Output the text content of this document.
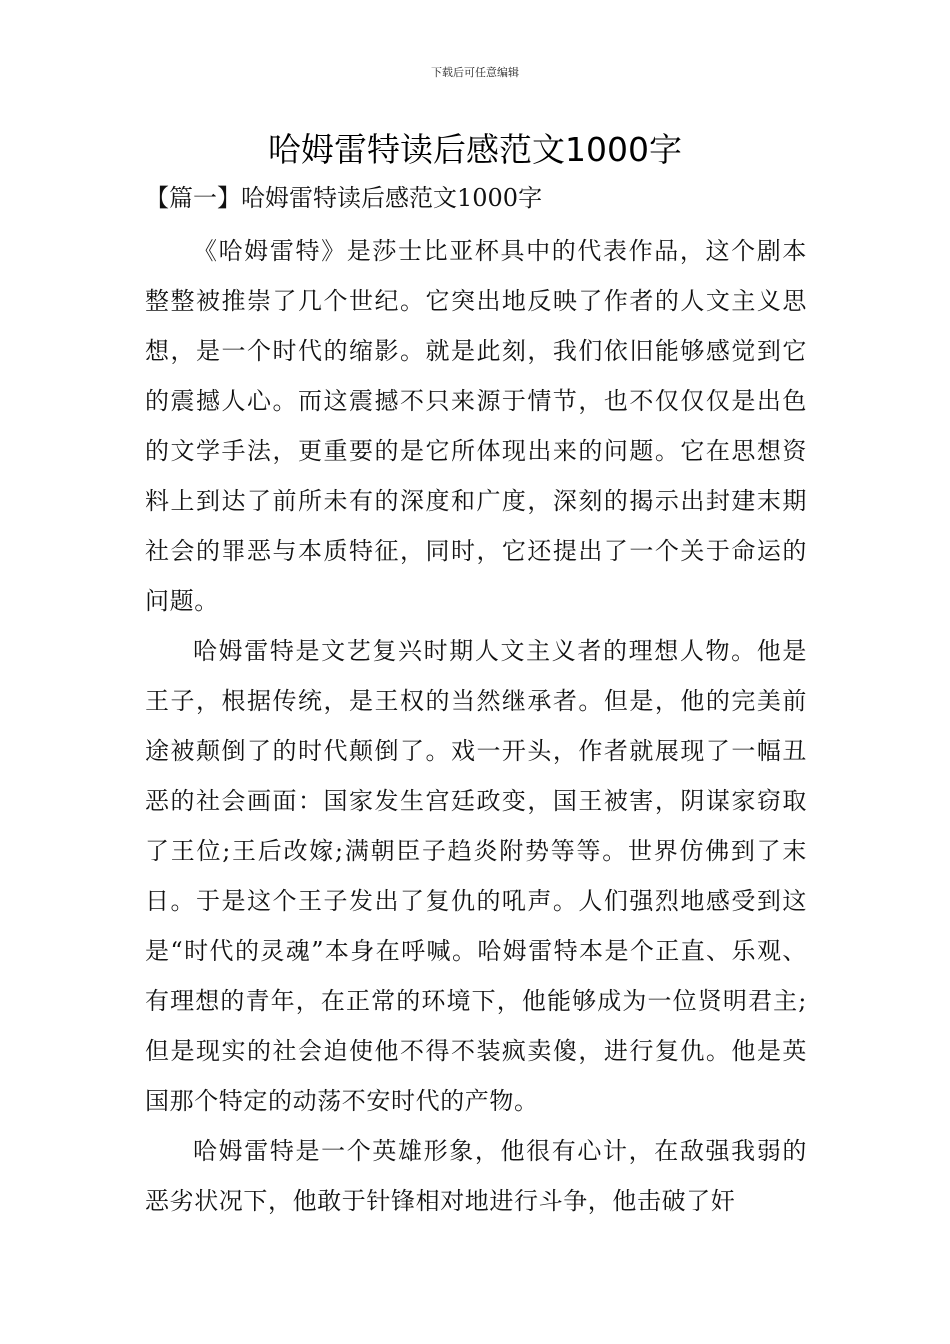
下载后可任意编辑
哈姆雷特读后感范文1000字
【篇一】哈姆雷特读后感范文1000字

《哈姆雷特》是莎士比亚杯具中的代表作品，这个剧本整整被推崇了几个世纪。它突出地反映了作者的人文主义思想，是一个时代的缩影。就是此刻，我们依旧能够感觉到它的震撼人心。而这震撼不只来源于情节，也不仅仅仅是出色的文学手法，更重要的是它所体现出来的问题。它在思想资料上到达了前所未有的深度和广度，深刻的揭示出封建末期社会的罪恶与本质特征，同时，它还提出了一个关于命运的问题。

哈姆雷特是文艺复兴时期人文主义者的理想人物。他是王子，根据传统，是王权的当然继承者。但是，他的完美前途被颠倒了的时代颠倒了。戏一开头，作者就展现了一幅丑恶的社会画面：国家发生宫廷政变，国王被害，阴谋家窃取了王位;王后改嫁;满朝臣子趋炎附势等等。世界仿佛到了末日。于是这个王子发出了复仇的吼声。人们强烈地感受到这是“时代的灵魂”本身在呼喊。哈姆雷特本是个正直、乐观、有理想的青年，在正常的环境下，他能够成为一位贤明君主;但是现实的社会迫使他不得不装疯卖傻，进行复仇。他是英国那个特定的动荡不安时代的产物。

哈姆雷特是一个英雄形象，他很有心计，在敌强我弱的恶劣状况下，他敢于针锋相对地进行斗争，他击破了奸
